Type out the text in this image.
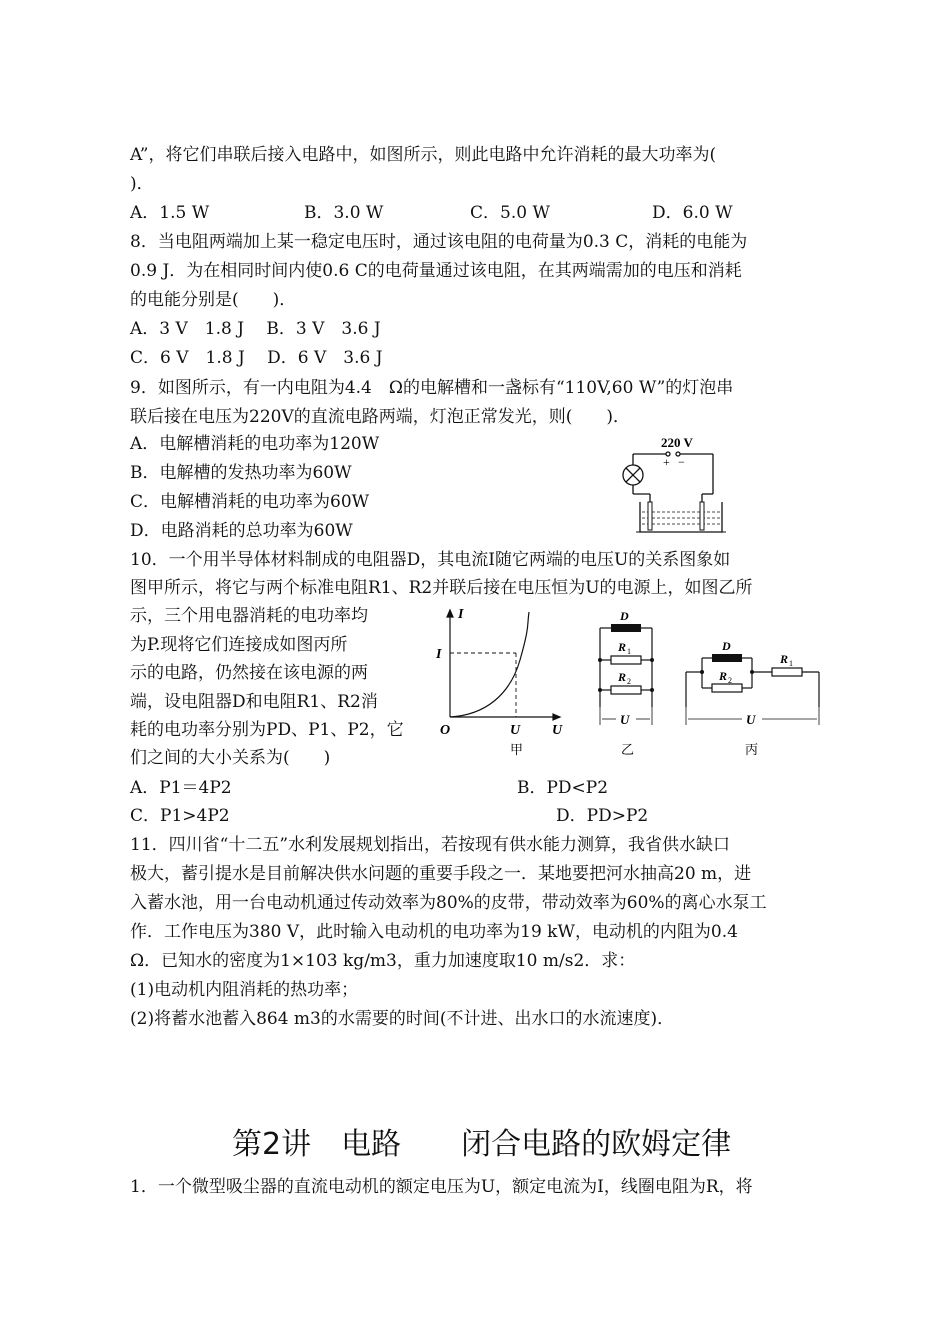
A”，将它们串联后接入电路中，如图所示，则此电路中允许消耗的最大功率为(
)．
A．1.5 W	B．3.0 W	C．5.0 W	D．6.0 W
8．当电阻两端加上某一稳定电压时，通过该电阻的电荷量为0.3 C，消耗的电能为
0.9 J．为在相同时间内使0.6 C的电荷量通过该电阻，在其两端需加的电压和消耗
的电能分别是(　　)．
A．3 V　1.8 J　 B．3 V　3.6 J
C．6 V　1.8 J　 D．6 V　3.6 J
9．如图所示，有一内电阻为4.4　Ω的电解槽和一盏标有“110V,60 W”的灯泡串
联后接在电压为220V的直流电路两端，灯泡正常发光，则(　　)．
A．电解槽消耗的电功率为120W
B．电解槽的发热功率为60W
C．电解槽消耗的电功率为60W
D．电路消耗的总功率为60W
10．一个用半导体材料制成的电阻器D，其电流I随它两端的电压U的关系图象如
图甲所示，将它与两个标准电阻R1、R2并联后接在电压恒为U的电源上，如图乙所
示，三个用电器消耗的电功率均
为P.现将它们连接成如图丙所
示的电路，仍然接在该电源的两
端，设电阻器D和电阻R1、R2消
耗的电功率分别为PD、P1、P2，它
们之间的大小关系为(　　)
A．P1＝4P2	B．PD<P2
C．P1>4P2	D．PD>P2
11．四川省“十二五”水利发展规划指出，若按现有供水能力测算，我省供水缺口
极大，蓄引提水是目前解决供水问题的重要手段之一．某地要把河水抽高20 m，进
入蓄水池，用一台电动机通过传动效率为80%的皮带，带动效率为60%的离心水泵工
作．工作电压为380 V，此时输入电动机的电功率为19 kW，电动机的内阻为0.4
Ω．已知水的密度为1×103 kg/m3，重力加速度取10 m/s2．求：
(1)电动机内阻消耗的热功率；
(2)将蓄水池蓄入864 m3的水需要的时间(不计进、出水口的水流速度)．
第2讲　电路　　闭合电路的欧姆定律
1．一个微型吸尘器的直流电动机的额定电压为U，额定电流为I，线圈电阻为R，将
220 V
+ −
I
I
O	U U
甲
D
R 1
R 2
U
乙
D
R 2
R 1
U
丙
